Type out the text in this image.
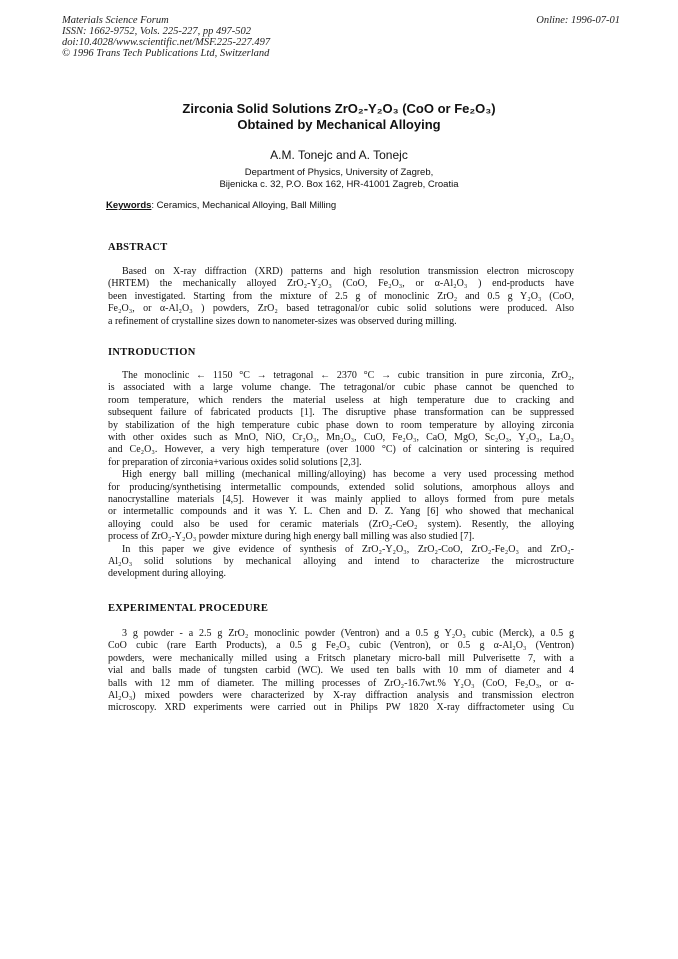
Materials Science Forum
ISSN: 1662-9752, Vols. 225-227, pp 497-502
doi:10.4028/www.scientific.net/MSF.225-227.497
© 1996 Trans Tech Publications Ltd, Switzerland
Online: 1996-07-01
Zirconia Solid Solutions ZrO₂-Y₂O₃ (CoO or Fe₂O₃)
Obtained by Mechanical Alloying
A.M. Tonejc and A. Tonejc
Department of Physics, University of Zagreb,
Bijenicka c. 32, P.O. Box 162, HR-41001 Zagreb, Croatia
Keywords: Ceramics, Mechanical Alloying, Ball Milling
ABSTRACT
Based on X-ray diffraction (XRD) patterns and high resolution transmission electron microscopy
(HRTEM) the mechanically alloyed ZrO₂-Y₂O₃ (CoO, Fe₂O₃, or α-Al₂O₃ ) end-products have
been investigated. Starting from the mixture of 2.5 g of monoclinic ZrO₂ and 0.5 g Y₂O₃ (CoO,
Fe₂O₃, or α-Al₂O₃ ) powders, ZrO₂ based tetragonal/or cubic solid solutions were produced. Also
a refinement of crystalline sizes down to nanometer-sizes was observed during milling.
INTRODUCTION
The monoclinic ← 1150 °C → tetragonal ← 2370 °C → cubic transition in pure zirconia, ZrO₂,
is associated with a large volume change. The tetragonal/or cubic phase cannot be quenched to
room temperature, which renders the material useless at high temperature due to cracking and
subsequent failure of fabricated products [1]. The disruptive phase transformation can be suppressed
by stabilization of the high temperature cubic phase down to room temperature by alloying zirconia
with other oxides such as MnO, NiO, Cr₂O₃, Mn₂O₃, CuO, Fe₂O₃, CaO, MgO, Sc₂O₃, Y₂O₃, La₂O₃
and Ce₂O₃. However, a very high temperature (over 1000 °C) of calcination or sintering is required
for preparation of zirconia+various oxides solid solutions [2,3].
High energy ball milling (mechanical milling/alloying) has become a very used processing method
for producing/synthetising intermetallic compounds, extended solid solutions, amorphous alloys and
nanocrystalline materials [4,5]. However it was mainly applied to alloys formed from pure metals
or intermetallic compounds and it was Y. L. Chen and D. Z. Yang [6] who showed that mechanical
alloying could also be used for ceramic materials (ZrO₂-CeO₂ system). Resently, the alloying
process of ZrO₂-Y₂O₃ powder mixture during high energy ball milling was also studied [7].
In this paper we give evidence of synthesis of ZrO₂-Y₂O₃, ZrO₂-CoO, ZrO₂-Fe₂O₃ and ZrO₂-
Al₂O₃ solid solutions by mechanical alloying and intend to characterize the microstructure
development during alloying.
EXPERIMENTAL PROCEDURE
3 g powder - a 2.5 g ZrO₂ monoclinic powder (Ventron) and a 0.5 g Y₂O₃ cubic (Merck), a 0.5 g
CoO cubic (rare Earth Products), a 0.5 g Fe₂O₃ cubic (Ventron), or 0.5 g α-Al₂O₃ (Ventron)
powders, were mechanically milled using a Fritsch planetary micro-ball mill Pulverisette 7, with a
vial and balls made of tungsten carbid (WC). We used ten balls with 10 mm of diameter and 4
balls with 12 mm of diameter. The milling processes of ZrO₂-16.7wt.% Y₂O₃ (CoO, Fe₂O₃, or α-
Al₂O₃) mixed powders were characterized by X-ray diffraction analysis and transmission electron
microscopy. XRD experiments were carried out in Philips PW 1820 X-ray diffractometer using Cu
